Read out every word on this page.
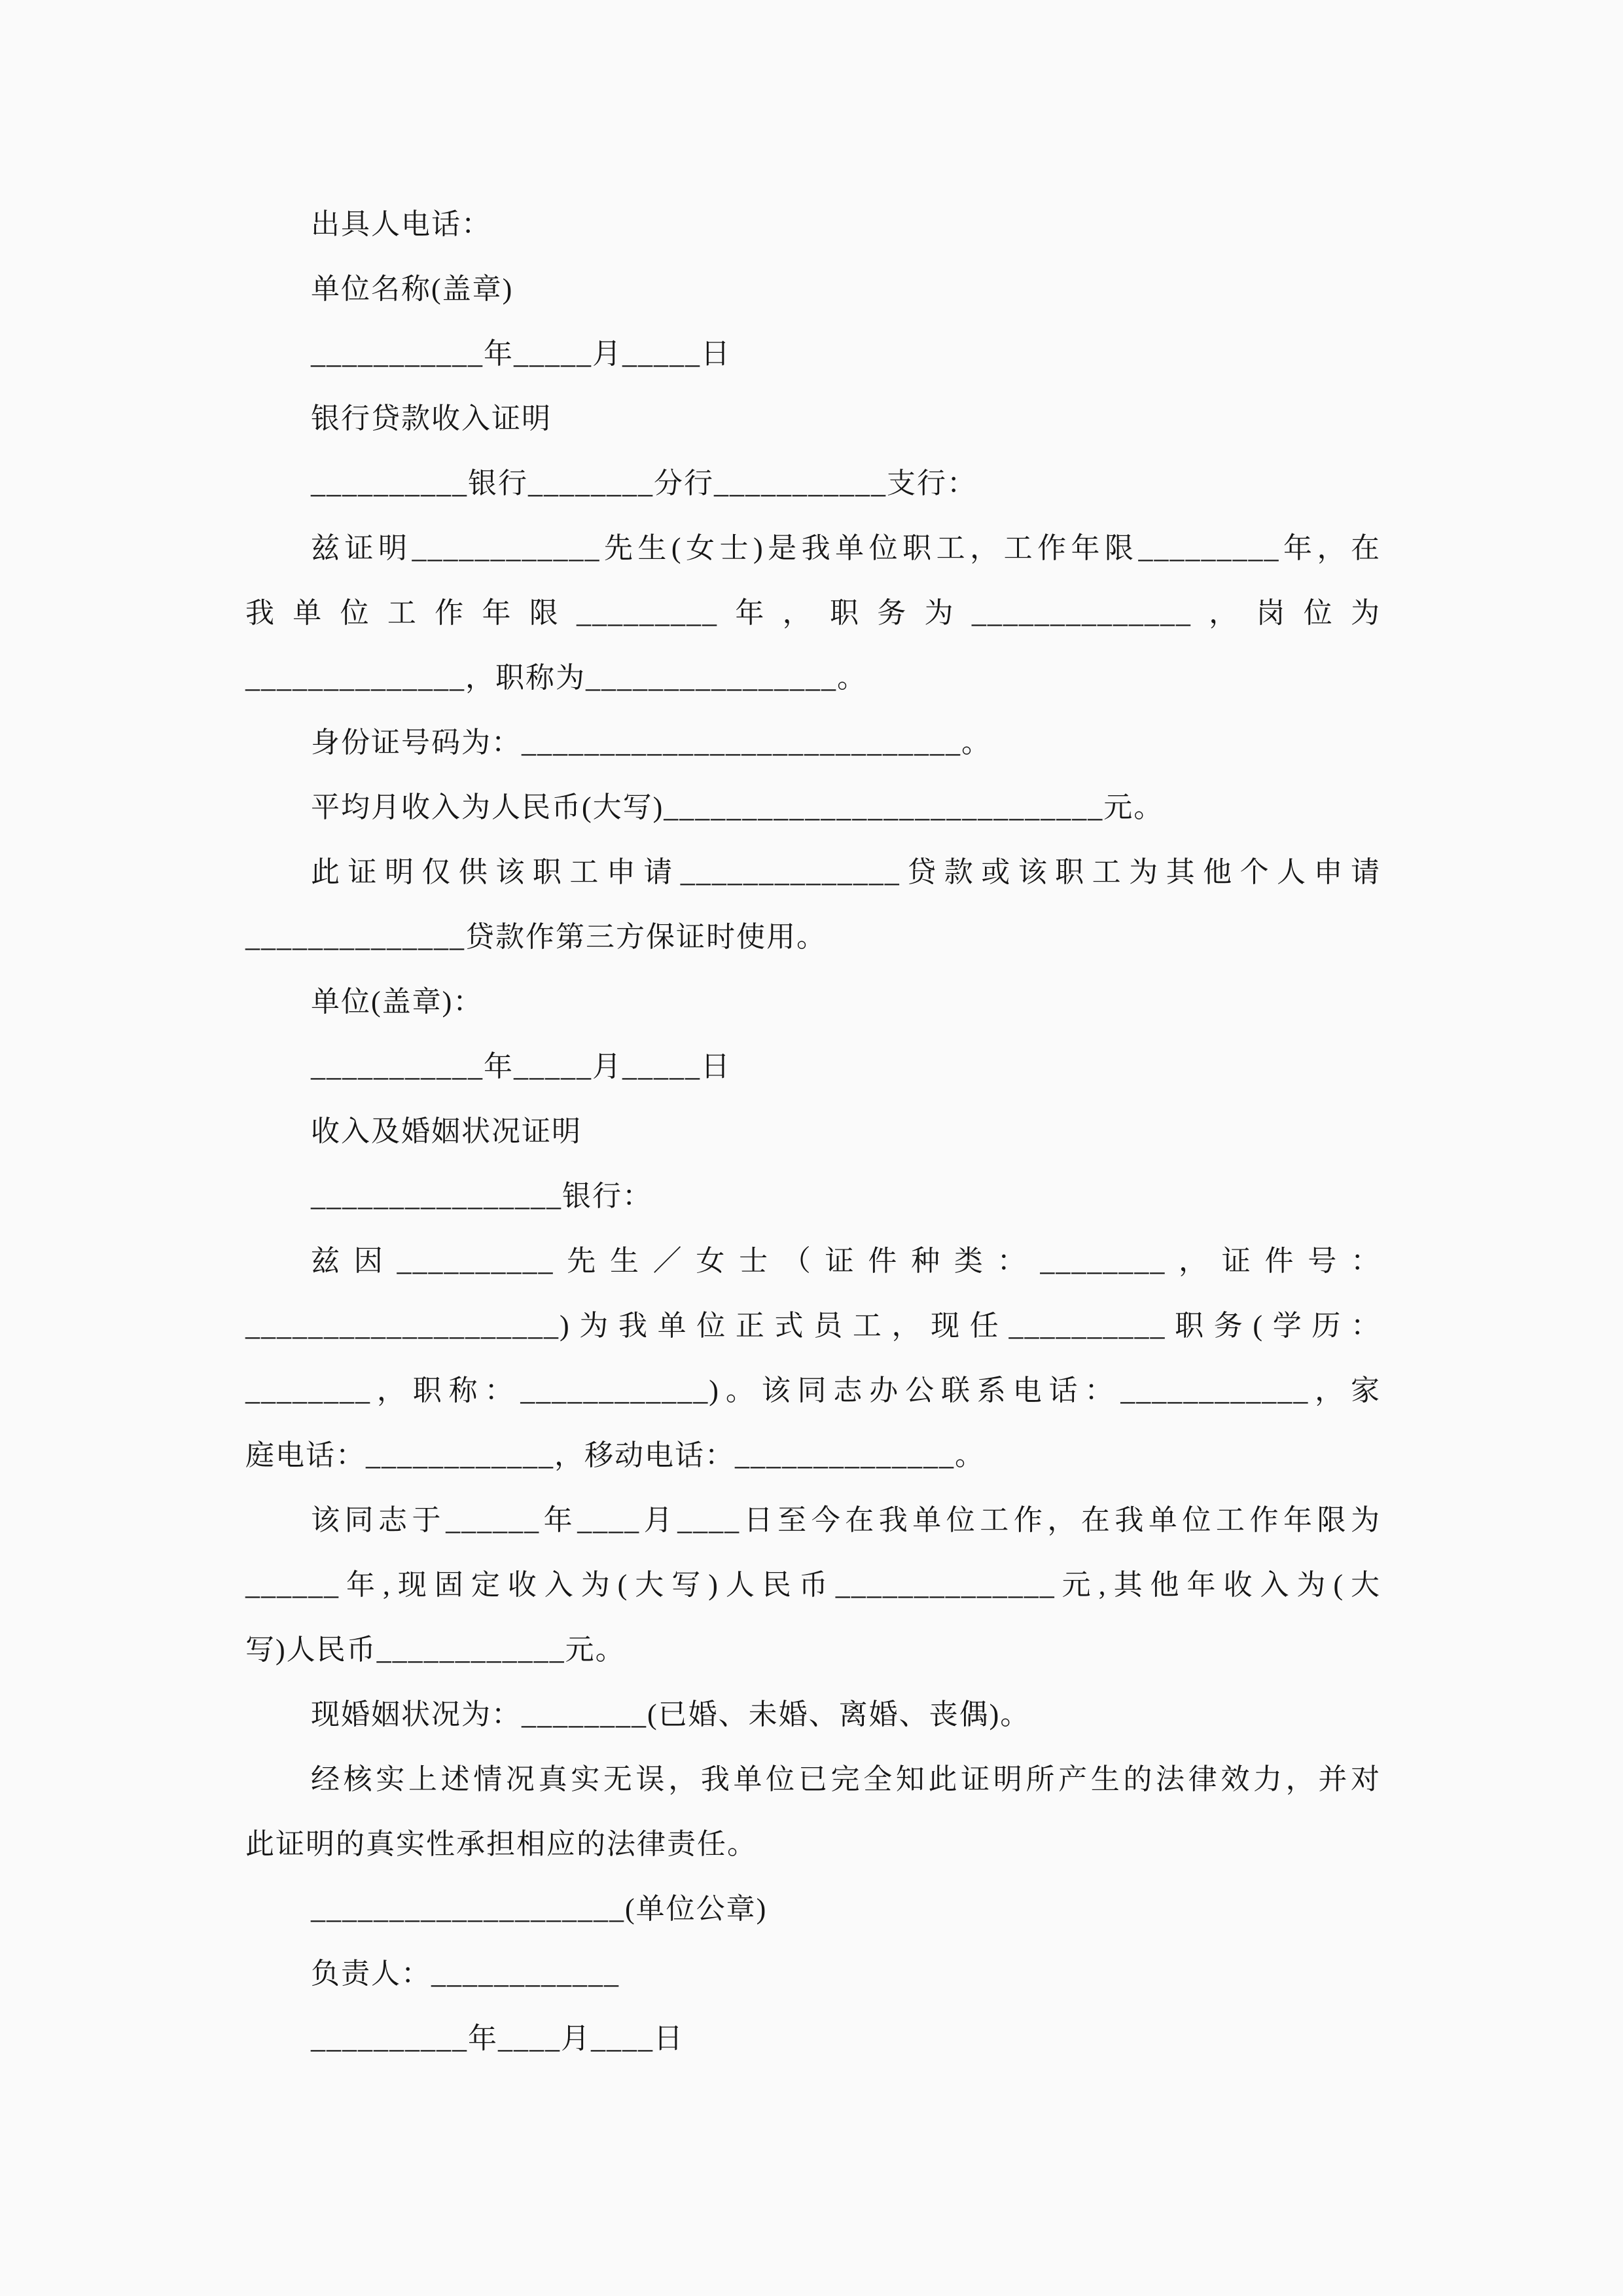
出具人电话：
单位名称(盖章)
___________年_____月_____日
银行贷款收入证明
__________银行________分行___________支行：
兹证明____________先生(女士)是我单位职工，工作年限_________年，在
我单位工作年限_________年，职务为______________，岗位为
______________，职称为________________。
身份证号码为：____________________________。
平均月收入为人民币(大写)____________________________元。
此证明仅供该职工申请______________贷款或该职工为其他个人申请
______________贷款作第三方保证时使用。
单位(盖章)：
___________年_____月_____日
收入及婚姻状况证明
________________银行：
兹因__________先生／女士（证件种类：________，证件号：
____________________)为我单位正式员工，现任__________职务(学历：
________，职称：____________)。该同志办公联系电话：____________，家
庭电话：____________，移动电话：______________。
该同志于______年____月____日至今在我单位工作，在我单位工作年限为
______年,现固定收入为(大写)人民币______________元,其他年收入为(大
写)人民币____________元。
现婚姻状况为：________(已婚、未婚、离婚、丧偶)。
经核实上述情况真实无误，我单位已完全知此证明所产生的法律效力，并对
此证明的真实性承担相应的法律责任。
____________________(单位公章)
负责人：____________
__________年____月____日
